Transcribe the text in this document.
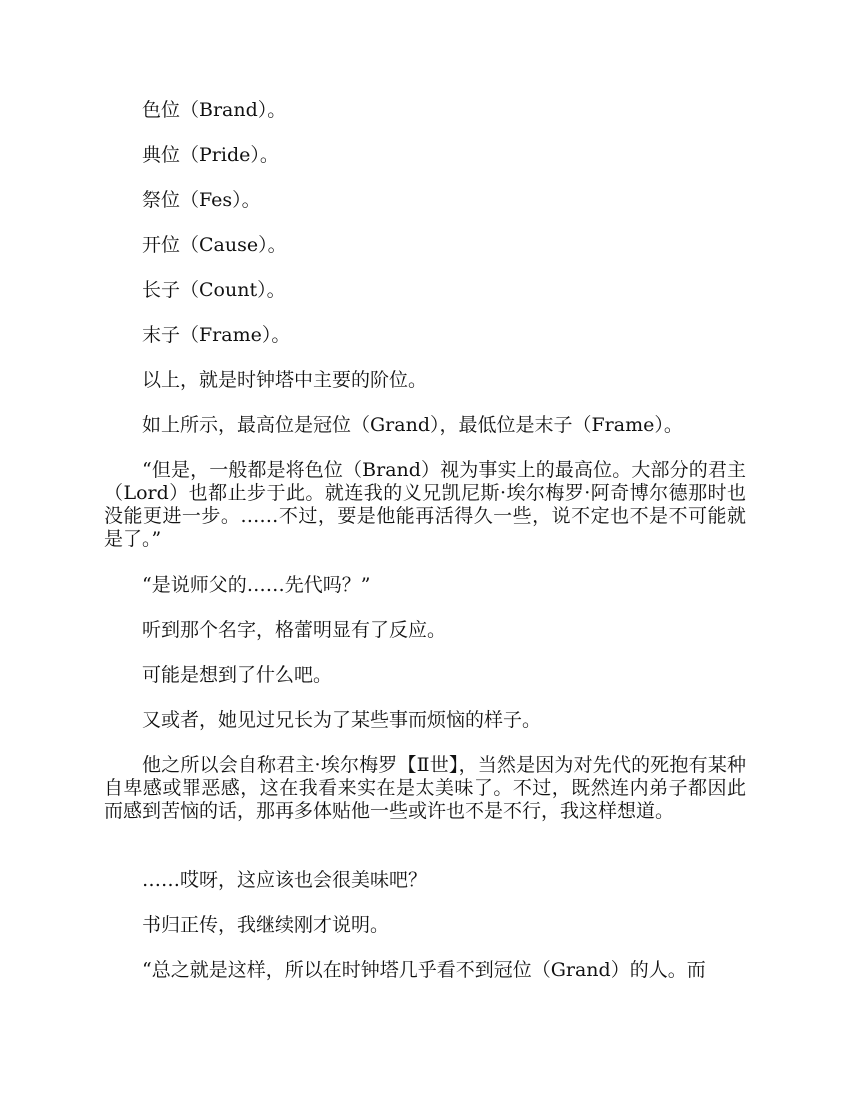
色位（Brand）。

典位（Pride）。

祭位（Fes）。

开位（Cause）。

长子（Count）。

末子（Frame）。

以上，就是时钟塔中主要的阶位。

如上所示，最高位是冠位（Grand），最低位是末子（Frame）。

“但是，一般都是将色位（Brand）视为事实上的最高位。大部分的君主（Lord）也都止步于此。就连我的义兄凯尼斯·埃尔梅罗·阿奇博尔德那时也没能更进一步。……不过，要是他能再活得久一些，说不定也不是不可能就是了。”

“是说师父的……先代吗？”

听到那个名字，格蕾明显有了反应。

可能是想到了什么吧。

又或者，她见过兄长为了某些事而烦恼的样子。

他之所以会自称君主·埃尔梅罗【Ⅱ世】，当然是因为对先代的死抱有某种自卑感或罪恶感，这在我看来实在是太美味了。不过，既然连内弟子都因此而感到苦恼的话，那再多体贴他一些或许也不是不行，我这样想道。

……哎呀，这应该也会很美味吧？

书归正传，我继续刚才说明。

“总之就是这样，所以在时钟塔几乎看不到冠位（Grand）的人。而
